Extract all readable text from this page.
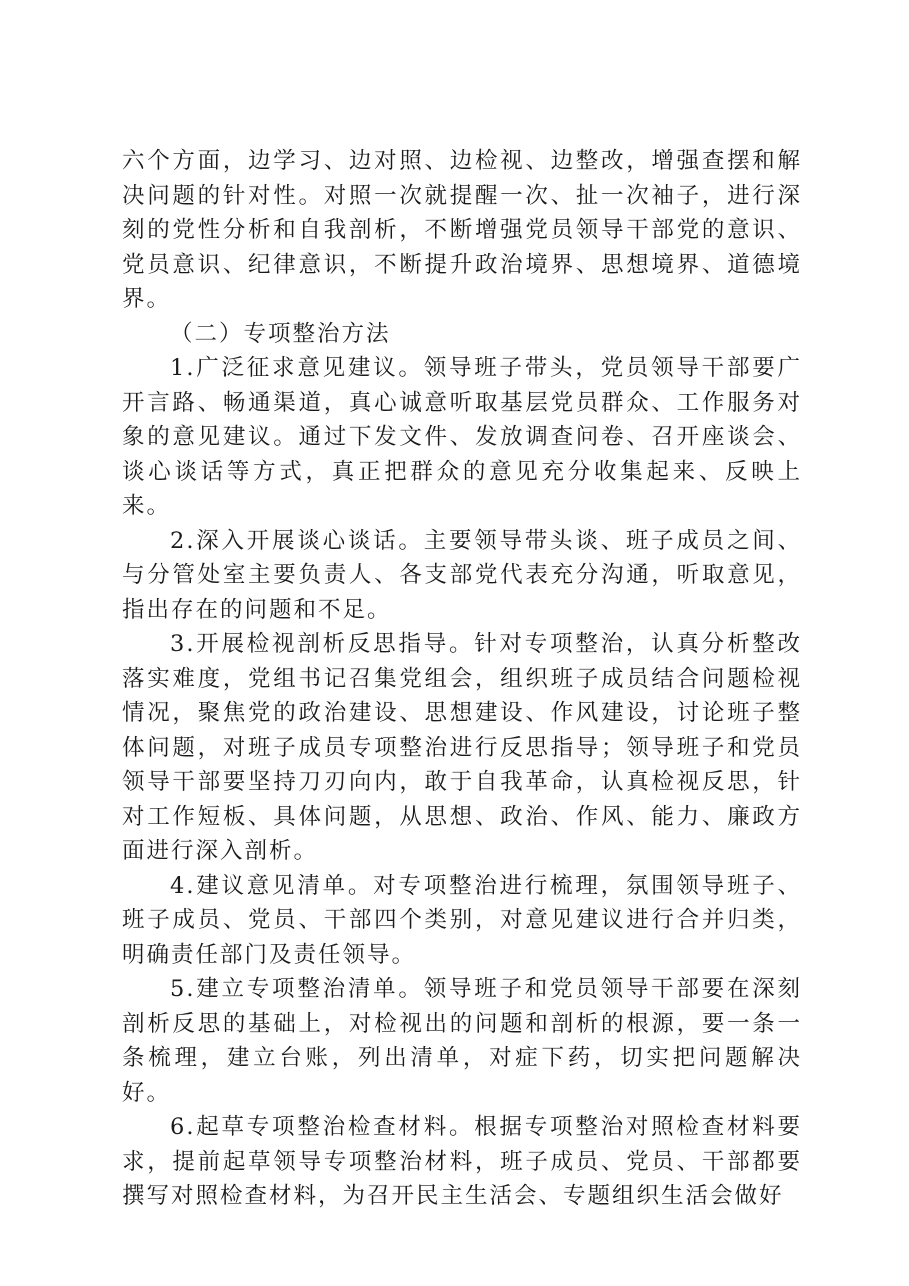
六个方面，边学习、边对照、边检视、边整改，增强查摆和解决问题的针对性。对照一次就提醒一次、扯一次袖子，进行深刻的党性分析和自我剖析，不断增强党员领导干部党的意识、党员意识、纪律意识，不断提升政治境界、思想境界、道德境界。

（二）专项整治方法

1.广泛征求意见建议。领导班子带头，党员领导干部要广开言路、畅通渠道，真心诚意听取基层党员群众、工作服务对象的意见建议。通过下发文件、发放调查问卷、召开座谈会、谈心谈话等方式，真正把群众的意见充分收集起来、反映上来。

2.深入开展谈心谈话。主要领导带头谈、班子成员之间、与分管处室主要负责人、各支部党代表充分沟通，听取意见，指出存在的问题和不足。

3.开展检视剖析反思指导。针对专项整治，认真分析整改落实难度，党组书记召集党组会，组织班子成员结合问题检视情况，聚焦党的政治建设、思想建设、作风建设，讨论班子整体问题，对班子成员专项整治进行反思指导；领导班子和党员领导干部要坚持刀刃向内，敢于自我革命，认真检视反思，针对工作短板、具体问题，从思想、政治、作风、能力、廉政方面进行深入剖析。

4.建议意见清单。对专项整治进行梳理，氛围领导班子、班子成员、党员、干部四个类别，对意见建议进行合并归类，明确责任部门及责任领导。

5.建立专项整治清单。领导班子和党员领导干部要在深刻剖析反思的基础上，对检视出的问题和剖析的根源，要一条一条梳理，建立台账，列出清单，对症下药，切实把问题解决好。

6.起草专项整治检查材料。根据专项整治对照检查材料要求，提前起草领导专项整治材料，班子成员、党员、干部都要撰写对照检查材料，为召开民主生活会、专题组织生活会做好
